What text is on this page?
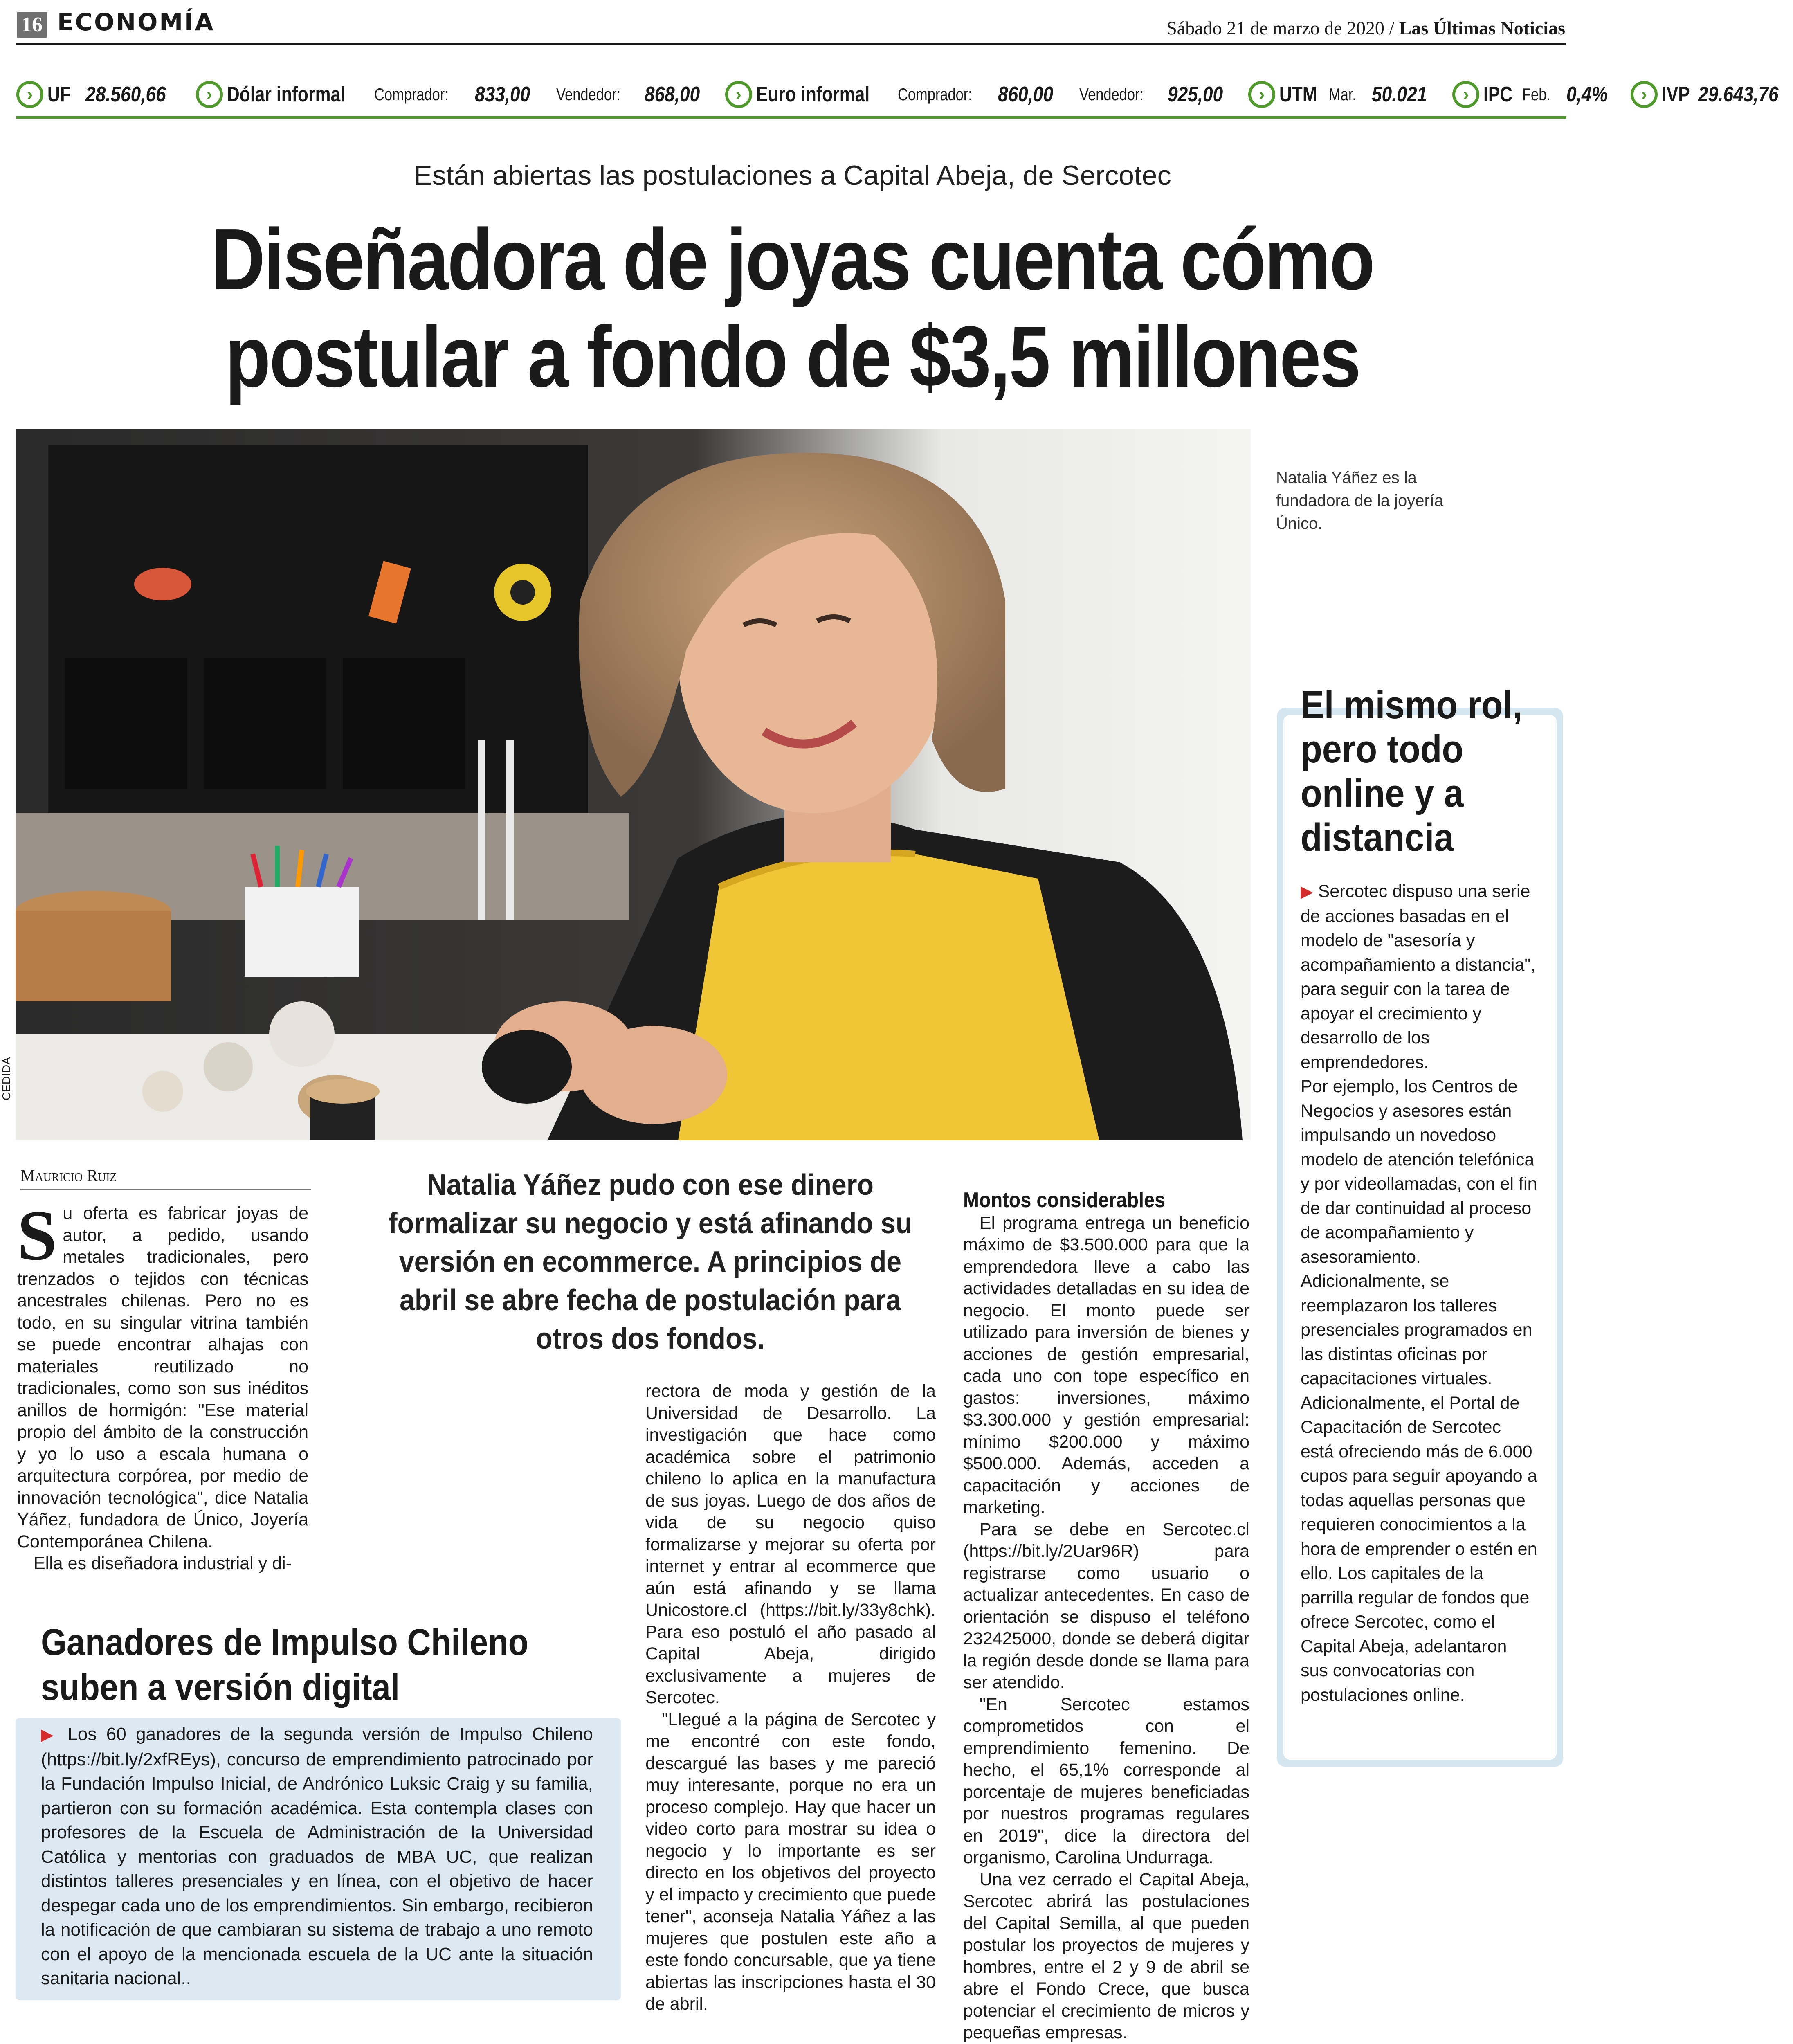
16 ECONOMÍA	Sábado 21 de marzo de 2020 / Las Últimas Noticias
› UF 28.560,66	› Dólar informal Comprador: 833,00 Vendedor: 868,00	› Euro informal Comprador: 860,00 Vendedor: 925,00	› UTM Mar. 50.021	› IPC Feb. 0,4%	› IVP 29.643,76
Están abiertas las postulaciones a Capital Abeja, de Sercotec
Diseñadora de joyas cuenta cómo
postular a fondo de $3,5 millones
CEDIDA
Natalia Yáñez es la fundadora de la joyería Único.
El mismo rol, pero todo online y a distancia
▶ Sercotec dispuso una serie de acciones basadas en el modelo de "asesoría y acompañamiento a distancia", para seguir con la tarea de apoyar el crecimiento y desarrollo de los emprendedores.
Por ejemplo, los Centros de Negocios y asesores están impulsando un novedoso modelo de atención telefónica y por videollamadas, con el fin de dar continuidad al proceso de acompañamiento y asesoramiento. Adicionalmente, se reemplazaron los talleres presenciales programados en las distintas oficinas por capacitaciones virtuales. Adicionalmente, el Portal de Capacitación de Sercotec está ofreciendo más de 6.000 cupos para seguir apoyando a todas aquellas personas que requieren conocimientos a la hora de emprender o estén en ello. Los capitales de la parrilla regular de fondos que ofrece Sercotec, como el Capital Abeja, adelantaron sus convocatorias con postulaciones online.
Mauricio Ruiz
Su oferta es fabricar joyas de autor, a pedido, usando metales tradicionales, pero trenzados o tejidos con técnicas ancestrales chilenas. Pero no es todo, en su singular vitrina también se puede encontrar alhajas con materiales reutilizado no tradicionales, como son sus inéditos anillos de hormigón: "Ese material propio del ámbito de la construcción y yo lo uso a escala humana o arquitectura corpórea, por medio de innovación tecnológica", dice Natalia Yáñez, fundadora de Único, Joyería Contemporánea Chilena.
Ella es diseñadora industrial y di-
Natalia Yáñez pudo con ese dinero formalizar su negocio y está afinando su versión en ecommerce. A principios de abril se abre fecha de postulación para otros dos fondos.
rectora de moda y gestión de la Universidad de Desarrollo. La investigación que hace como académica sobre el patrimonio chileno lo aplica en la manufactura de sus joyas. Luego de dos años de vida de su negocio quiso formalizarse y mejorar su oferta por internet y entrar al ecommerce que aún está afinando y se llama Unicostore.cl (https://bit.ly/33y8chk). Para eso postuló el año pasado al Capital Abeja, dirigido exclusivamente a mujeres de Sercotec.
"Llegué a la página de Sercotec y me encontré con este fondo, descargué las bases y me pareció muy interesante, porque no era un proceso complejo. Hay que hacer un video corto para mostrar su idea o negocio y lo importante es ser directo en los objetivos del proyecto y el impacto y crecimiento que puede tener", aconseja Natalia Yáñez a las mujeres que postulen este año a este fondo concursable, que ya tiene abiertas las inscripciones hasta el 30 de abril.
Montos considerables
El programa entrega un beneficio máximo de $3.500.000 para que la emprendedora lleve a cabo las actividades detalladas en su idea de negocio. El monto puede ser utilizado para inversión de bienes y acciones de gestión empresarial, cada uno con tope específico en gastos: inversiones, máximo $3.300.000 y gestión empresarial: mínimo $200.000 y máximo $500.000. Además, acceden a capacitación y acciones de marketing.
Para se debe en Sercotec.cl (https://bit.ly/2Uar96R) para registrarse como usuario o actualizar antecedentes. En caso de orientación se dispuso el teléfono 232425000, donde se deberá digitar la región desde donde se llama para ser atendido.
"En Sercotec estamos comprometidos con el emprendimiento femenino. De hecho, el 65,1% corresponde al porcentaje de mujeres beneficiadas por nuestros programas regulares en 2019", dice la directora del organismo, Carolina Undurraga.
Una vez cerrado el Capital Abeja, Sercotec abrirá las postulaciones del Capital Semilla, al que pueden postular los proyectos de mujeres y hombres, entre el 2 y 9 de abril se abre el Fondo Crece, que busca potenciar el crecimiento de micros y pequeñas empresas.
Ganadores de Impulso Chileno suben a versión digital
▶ Los 60 ganadores de la segunda versión de Impulso Chileno (https://bit.ly/2xfREys), concurso de emprendimiento patrocinado por la Fundación Impulso Inicial, de Andrónico Luksic Craig y su familia, partieron con su formación académica. Esta contempla clases con profesores de la Escuela de Administración de la Universidad Católica y mentorias con graduados de MBA UC, que realizan distintos talleres presenciales y en línea, con el objetivo de hacer despegar cada uno de los emprendimientos. Sin embargo, recibieron la notificación de que cambiaran su sistema de trabajo a uno remoto con el apoyo de la mencionada escuela de la UC ante la situación sanitaria nacional..
